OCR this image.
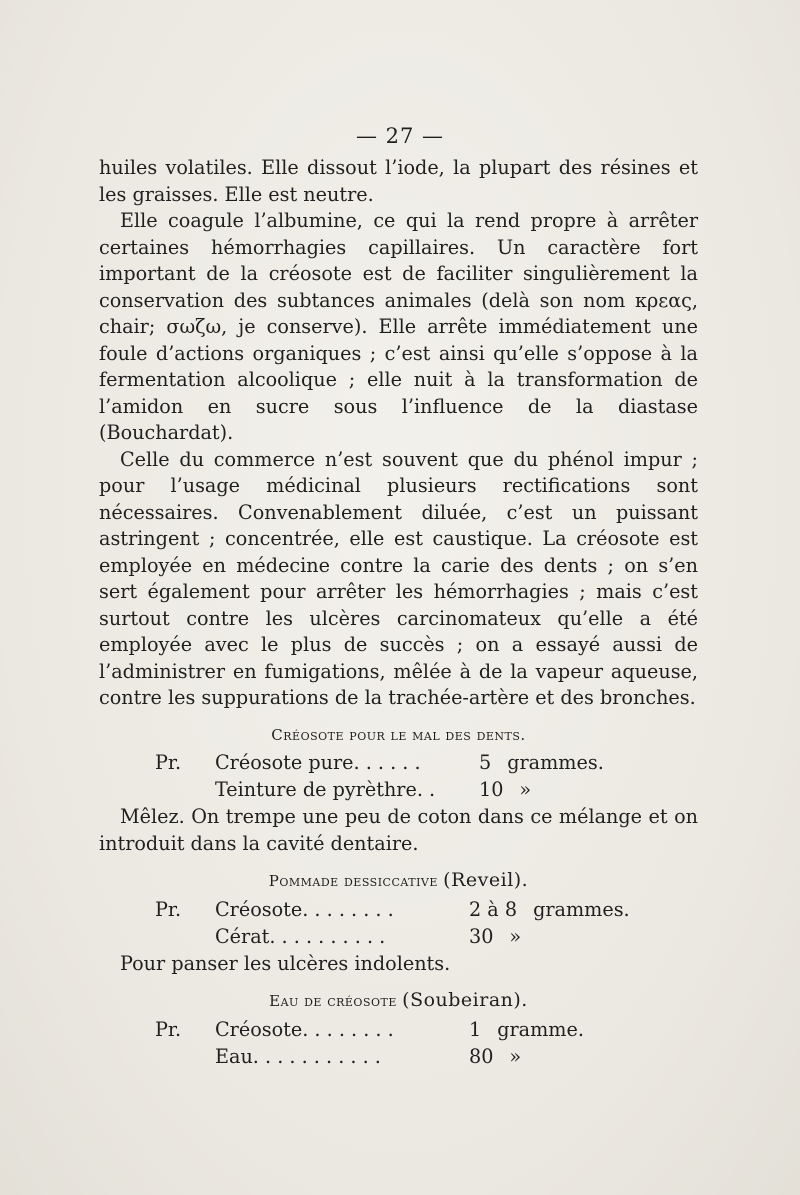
— 27 —

huiles volatiles. Elle dissout l’iode, la plupart des résines et les graisses. Elle est neutre.

Elle coagule l’albumine, ce qui la rend propre à arrêter certaines hémorrhagies capillaires. Un caractère fort important de la créosote est de faciliter singulièrement la conservation des subtances animales (delà son nom κρεας, chair; σωζω, je conserve). Elle arrête immédiatement une foule d’actions organiques ; c’est ainsi qu’elle s’oppose à la fermentation alcoolique ; elle nuit à la transformation de l’amidon en sucre sous l’influence de la diastase (Bouchardat).

Celle du commerce n’est souvent que du phénol impur ; pour l’usage médicinal plusieurs rectifications sont nécessaires. Convenablement diluée, c’est un puissant astringent ; concentrée, elle est caustique. La créosote est employée en médecine contre la carie des dents ; on s’en sert également pour arrêter les hémorrhagies ; mais c’est surtout contre les ulcères carcinomateux qu’elle a été employée avec le plus de succès ; on a essayé aussi de l’administrer en fumigations, mêlée à de la vapeur aqueuse, contre les suppurations de la trachée-artère et des bronches.

Créosote pour le mal des dents.
Pr.	Créosote pure. . . . . .	5 grammes.
Teinture de pyrèthre. .	10 »

Mêlez. On trempe une peu de coton dans ce mélange et on introduit dans la cavité dentaire.

Pommade dessiccative (Reveil).
Pr.	Créosote. . . . . . . .	2 à 8 grammes.
Cérat. . . . . . . . . .	30 »

Pour panser les ulcères indolents.

Eau de créosote (Soubeiran).
Pr.	Créosote. . . . . . . .	1 gramme.
Eau. . . . . . . . . . .	80 »
